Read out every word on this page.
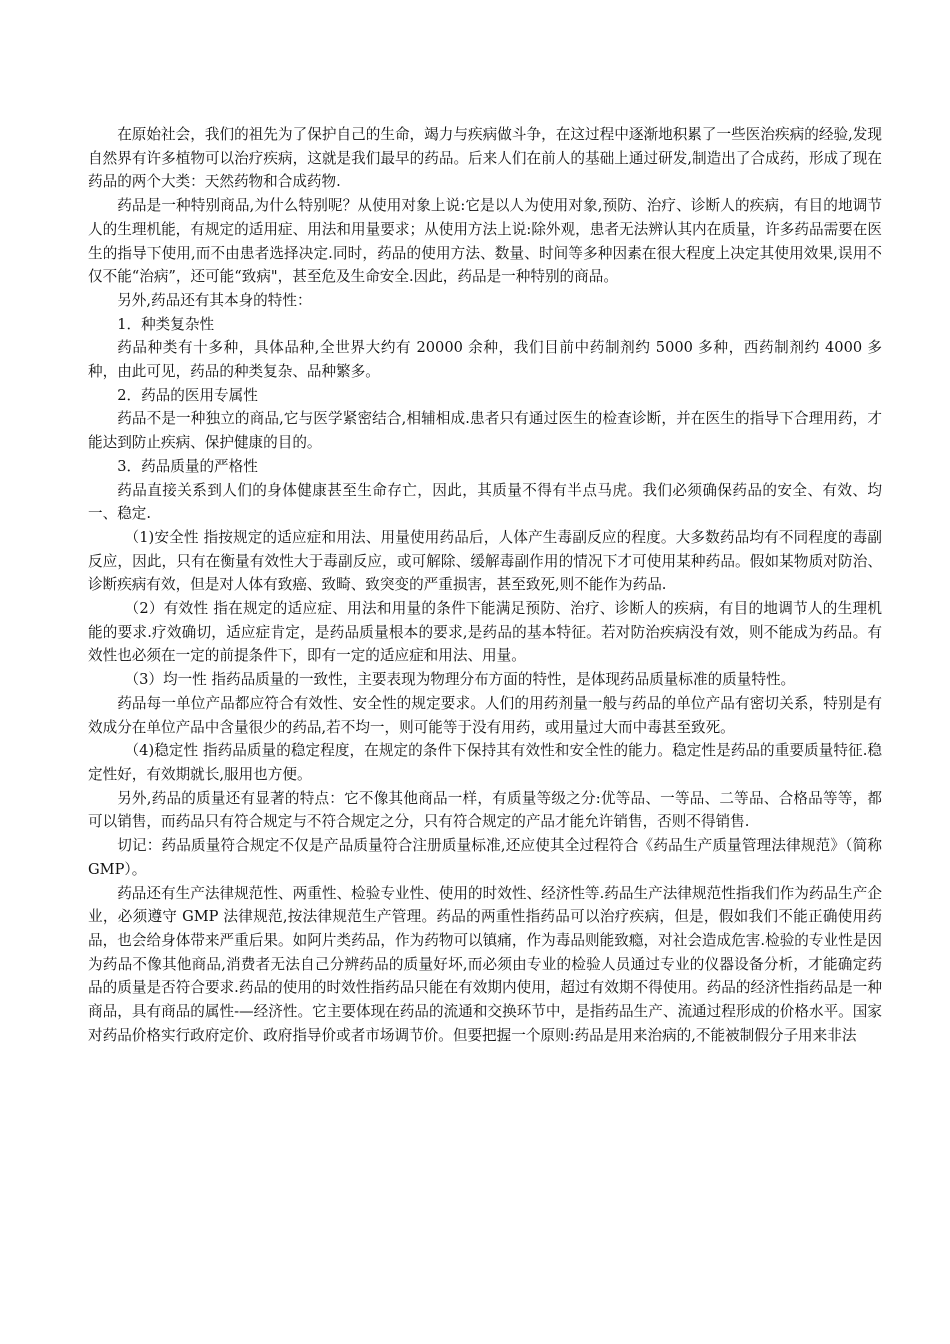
在原始社会，我们的祖先为了保护自己的生命，竭力与疾病做斗争，在这过程中逐渐地积累了一些医治疾病的经验,发现自然界有许多植物可以治疗疾病，这就是我们最早的药品。后来人们在前人的基础上通过研发,制造出了合成药，形成了现在药品的两个大类：天然药物和合成药物.

药品是一种特别商品,为什么特别呢？从使用对象上说:它是以人为使用对象,预防、治疗、诊断人的疾病，有目的地调节人的生理机能，有规定的适用症、用法和用量要求；从使用方法上说:除外观，患者无法辨认其内在质量，许多药品需要在医生的指导下使用,而不由患者选择决定.同时，药品的使用方法、数量、时间等多种因素在很大程度上决定其使用效果,误用不仅不能“治病”，还可能“致病"，甚至危及生命安全.因此，药品是一种特别的商品。

另外,药品还有其本身的特性：

1．种类复杂性

药品种类有十多种，具体品种,全世界大约有 20000 余种，我们目前中药制剂约 5000 多种，西药制剂约 4000 多种，由此可见，药品的种类复杂、品种繁多。

2．药品的医用专属性

药品不是一种独立的商品,它与医学紧密结合,相辅相成.患者只有通过医生的检查诊断，并在医生的指导下合理用药，才能达到防止疾病、保护健康的目的。

3．药品质量的严格性

药品直接关系到人们的身体健康甚至生命存亡，因此，其质量不得有半点马虎。我们必须确保药品的安全、有效、均一、稳定.

（1)安全性 指按规定的适应症和用法、用量使用药品后，人体产生毒副反应的程度。大多数药品均有不同程度的毒副反应，因此，只有在衡量有效性大于毒副反应，或可解除、缓解毒副作用的情况下才可使用某种药品。假如某物质对防治、诊断疾病有效，但是对人体有致癌、致畸、致突变的严重损害，甚至致死,则不能作为药品.

（2）有效性 指在规定的适应症、用法和用量的条件下能满足预防、治疗、诊断人的疾病，有目的地调节人的生理机能的要求.疗效确切，适应症肯定，是药品质量根本的要求,是药品的基本特征。若对防治疾病没有效，则不能成为药品。有效性也必须在一定的前提条件下，即有一定的适应症和用法、用量。

（3）均一性 指药品质量的一致性，主要表现为物理分布方面的特性，是体现药品质量标准的质量特性。

药品每一单位产品都应符合有效性、安全性的规定要求。人们的用药剂量一般与药品的单位产品有密切关系，特别是有效成分在单位产品中含量很少的药品,若不均一，则可能等于没有用药，或用量过大而中毒甚至致死。

（4)稳定性 指药品质量的稳定程度，在规定的条件下保持其有效性和安全性的能力。稳定性是药品的重要质量特征.稳定性好，有效期就长,服用也方便。

另外,药品的质量还有显著的特点：它不像其他商品一样，有质量等级之分:优等品、一等品、二等品、合格品等等，都可以销售，而药品只有符合规定与不符合规定之分，只有符合规定的产品才能允许销售，否则不得销售.

切记：药品质量符合规定不仅是产品质量符合注册质量标准,还应使其全过程符合《药品生产质量管理法律规范》（简称 GMP）。

药品还有生产法律规范性、两重性、检验专业性、使用的时效性、经济性等.药品生产法律规范性指我们作为药品生产企业，必须遵守 GMP 法律规范,按法律规范生产管理。药品的两重性指药品可以治疗疾病，但是，假如我们不能正确使用药品，也会给身体带来严重后果。如阿片类药品，作为药物可以镇痛，作为毒品则能致瘾，对社会造成危害.检验的专业性是因为药品不像其他商品,消费者无法自己分辨药品的质量好坏,而必须由专业的检验人员通过专业的仪器设备分析，才能确定药品的质量是否符合要求.药品的使用的时效性指药品只能在有效期内使用，超过有效期不得使用。药品的经济性指药品是一种商品，具有商品的属性-—经济性。它主要体现在药品的流通和交换环节中，是指药品生产、流通过程形成的价格水平。国家对药品价格实行政府定价、政府指导价或者市场调节价。但要把握一个原则:药品是用来治病的,不能被制假分子用来非法
